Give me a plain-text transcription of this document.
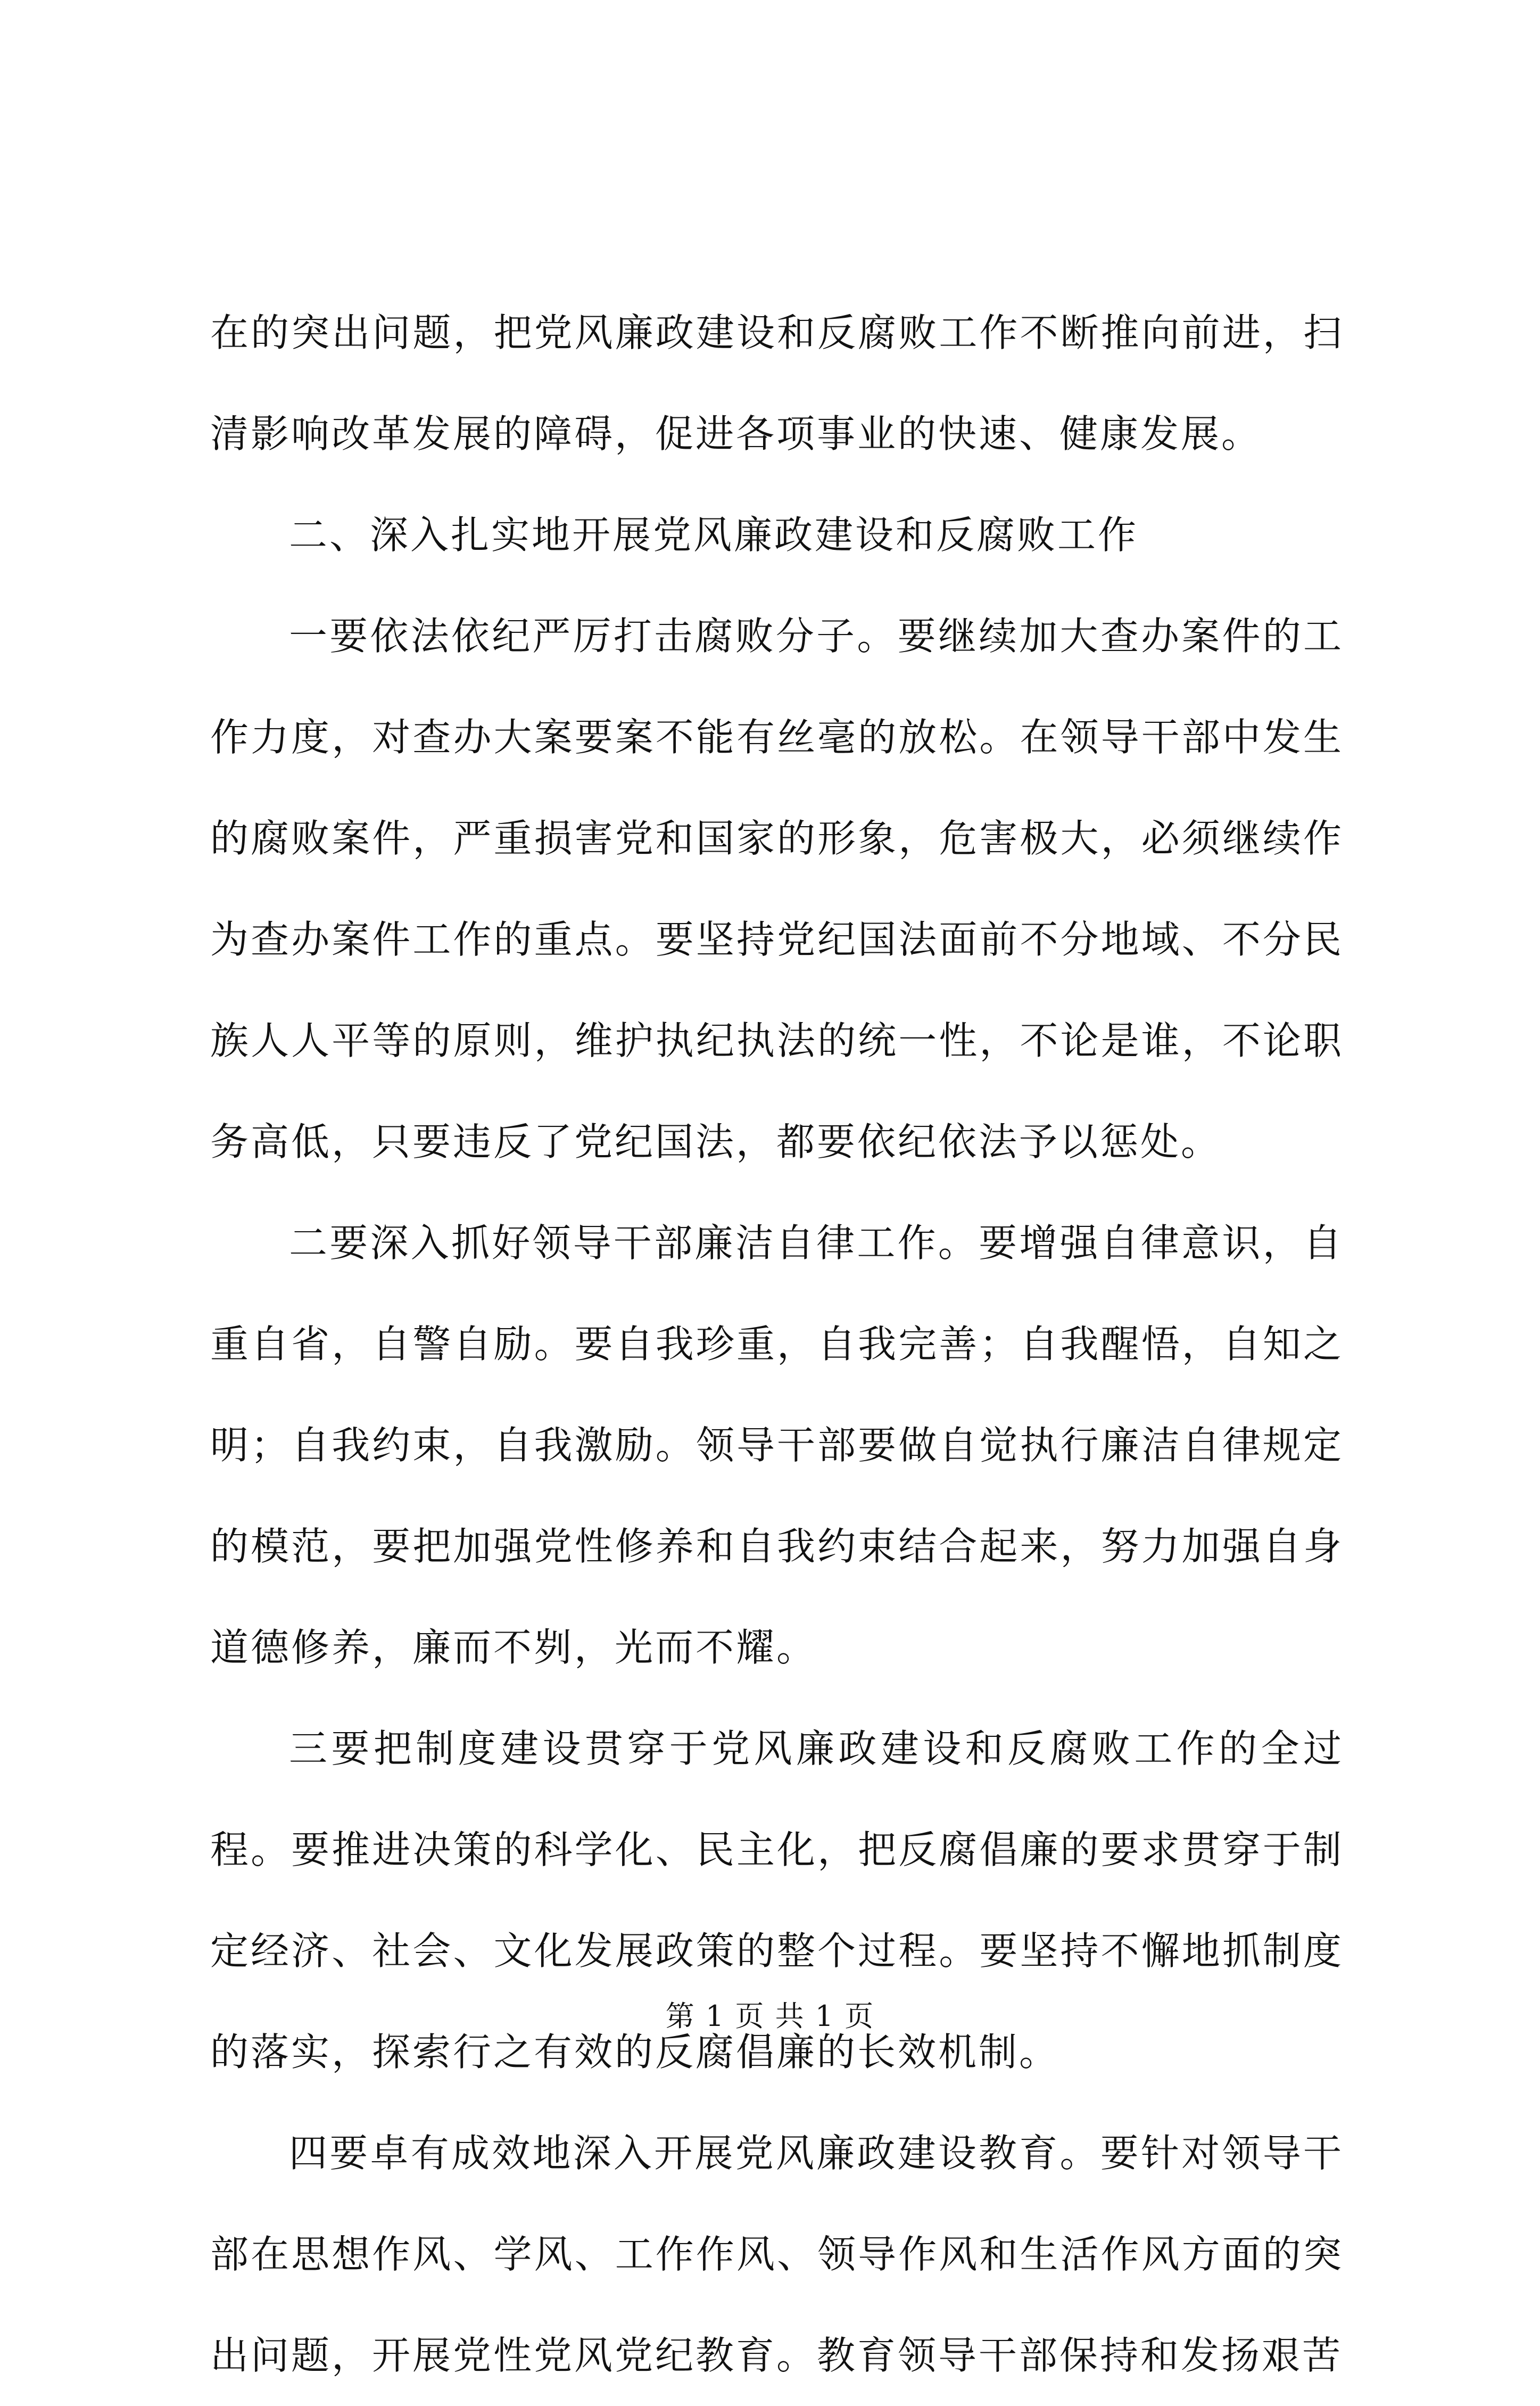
在的突出问题，把党风廉政建设和反腐败工作不断推向前进，扫清影响改革发展的障碍，促进各项事业的快速、健康发展。

二、深入扎实地开展党风廉政建设和反腐败工作

一要依法依纪严厉打击腐败分子。要继续加大查办案件的工作力度，对查办大案要案不能有丝毫的放松。在领导干部中发生的腐败案件，严重损害党和国家的形象，危害极大，必须继续作为查办案件工作的重点。要坚持党纪国法面前不分地域、不分民族人人平等的原则，维护执纪执法的统一性，不论是谁，不论职务高低，只要违反了党纪国法，都要依纪依法予以惩处。

二要深入抓好领导干部廉洁自律工作。要增强自律意识，自重自省，自警自励。要自我珍重，自我完善；自我醒悟，自知之明；自我约束，自我激励。领导干部要做自觉执行廉洁自律规定的模范，要把加强党性修养和自我约束结合起来，努力加强自身道德修养，廉而不刿，光而不耀。

三要把制度建设贯穿于党风廉政建设和反腐败工作的全过程。要推进决策的科学化、民主化，把反腐倡廉的要求贯穿于制定经济、社会、文化发展政策的整个过程。要坚持不懈地抓制度的落实，探索行之有效的反腐倡廉的长效机制。

四要卓有成效地深入开展党风廉政建设教育。要针对领导干部在思想作风、学风、工作作风、领导作风和生活作风方面的突出问题，开展党性党风党纪教育。教育领导干部保持和发扬艰苦

第 1 页 共 1 页
